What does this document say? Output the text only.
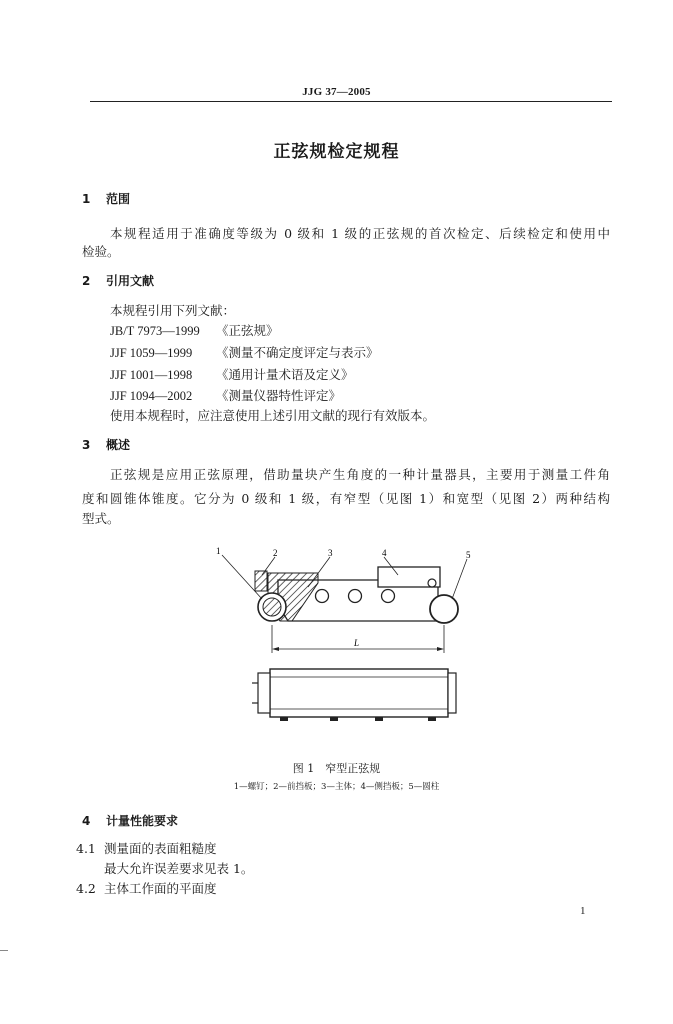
JJG 37—2005
正弦规检定规程
1 范围
本规程适用于准确度等级为 0 级和 1 级的正弦规的首次检定、后续检定和使用中
检验。
2 引用文献
本规程引用下列文献：
JB/T 7973—1999 《正弦规》
JJF 1059—1999 《测量不确定度评定与表示》
JJF 1001—1998 《通用计量术语及定义》
JJF 1094—2002 《测量仪器特性评定》
使用本规程时，应注意使用上述引用文献的现行有效版本。
3 概述
正弦规是应用正弦原理，借助量块产生角度的一种计量器具，主要用于测量工件角
度和圆锥体锥度。它分为 0 级和 1 级，有窄型（见图 1）和宽型（见图 2）两种结构
型式。
L
1	2	3	4	5
图 1　窄型正弦规
1—螺钉；2—前挡板；3—主体；4—侧挡板；5—圆柱
4 计量性能要求
4.1 测量面的表面粗糙度
最大允许误差要求见表 1。
4.2 主体工作面的平面度
1
